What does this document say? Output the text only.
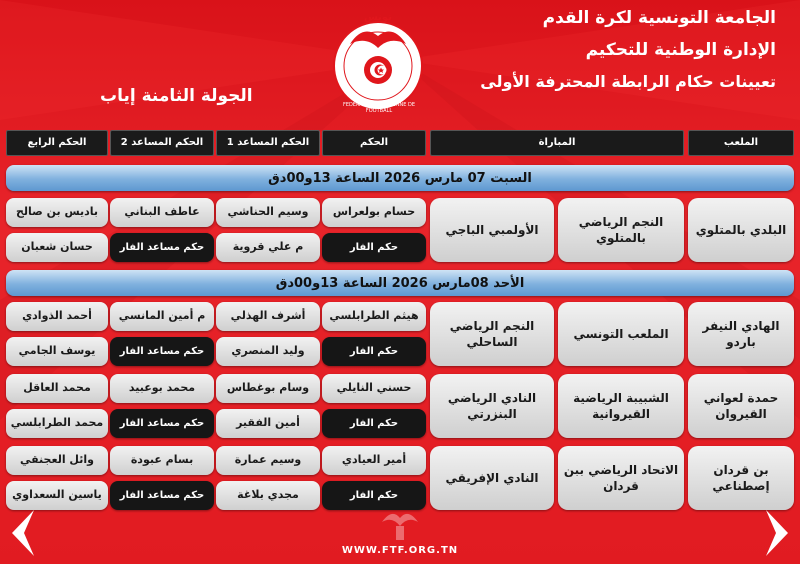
الجامعة التونسية لكرة القدم
الإدارة الوطنية للتحكيم
تعيينات حكام الرابطة المحترفة الأولى
الجولة الثامنة إياب
تونس
FEDERATION TUNISIENNE DE FOOTBALL
الملعب
المباراة
الحكم
الحكم المساعد 1
الحكم المساعد 2
الحكم الرابع
السبت 07 مارس 2026 الساعة 13و00دق
البلدي بالمتلوي
النجم الرياضي بالمتلوي
الأولمبي الباجي
حسام بولعراس
وسيم الحناشي
عاطف البناني
باديس بن صالح
حكم الفار
م علي قروية
حكم مساعد الفار
حسان شعبان
الأحد 08مارس 2026 الساعة 13و00دق
الهادي النيفر باردو
الملعب التونسي
النجم الرياضي الساحلي
هيثم الطرابلسي
أشرف الهذلي
م أمين المانسي
أحمد الذوادي
حكم الفار
وليد المنصري
حكم مساعد الفار
يوسف الجامي
حمدة لعواني القيروان
الشبيبة الرياضية القيروانية
النادي الرياضي البنزرتي
حسني النايلي
وسام بوغطاس
محمد بوعبيد
محمد العاقل
حكم الفار
أمين الفقير
حكم مساعد الفار
محمد الطرابلسي
بن قردان إصطناعي
الاتحاد الرياضي ببن قردان
النادي الإفريقي
أمير العيادي
وسيم عمارة
بسام عبودة
وائل العجنقي
حكم الفار
مجدي بلاغة
حكم مساعد الفار
ياسين السعداوي
WWW.FTF.ORG.TN
